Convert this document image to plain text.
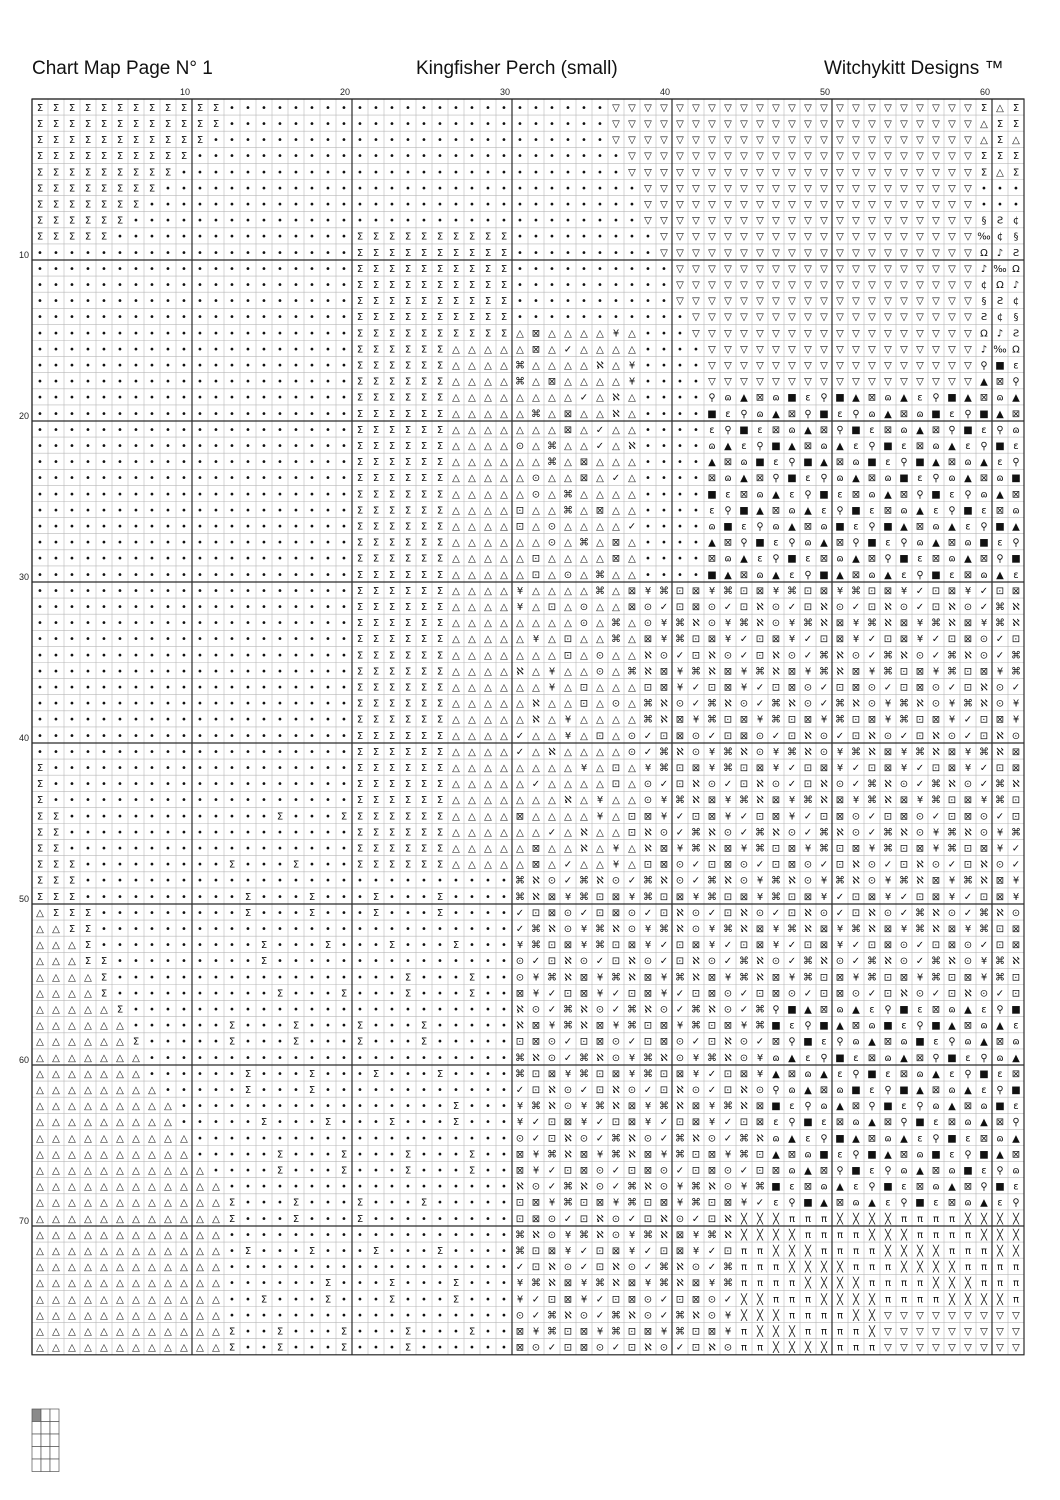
Chart Map Page N° 1	Kingfisher Perch (small)	Witchykitt Designs ™
Σ Σ Σ Σ Σ Σ Σ Σ Σ Σ Σ Σ • • • • • • • • • • • • • • • • • • • • • • • • ▽ ▽ ▽ ▽ ▽ ▽ ▽ ▽ ▽ ▽ ▽ ▽ ▽ ▽ ▽ ▽ ▽ ▽ ▽ ▽ ▽ ▽ ▽ Σ △ Σ
Σ Σ Σ Σ Σ Σ Σ Σ Σ Σ Σ Σ • • • • • • • • • • • • • • • • • • • • • • • • ▽ ▽ ▽ ▽ ▽ ▽ ▽ ▽ ▽ ▽ ▽ ▽ ▽ ▽ ▽ ▽ ▽ ▽ ▽ ▽ ▽ ▽ ▽ △ Σ Σ
Σ Σ Σ Σ Σ Σ Σ Σ Σ Σ Σ • • • • • • • • • • • • • • • • • • • • • • • • • ▽ ▽ ▽ ▽ ▽ ▽ ▽ ▽ ▽ ▽ ▽ ▽ ▽ ▽ ▽ ▽ ▽ ▽ ▽ ▽ ▽ ▽ ▽ △ Σ △
Σ Σ Σ Σ Σ Σ Σ Σ Σ Σ • • • • • • • • • • • • • • • • • • • • • • • • • • • ▽ ▽ ▽ ▽ ▽ ▽ ▽ ▽ ▽ ▽ ▽ ▽ ▽ ▽ ▽ ▽ ▽ ▽ ▽ ▽ ▽ ▽ Σ Σ Σ
Σ Σ Σ Σ Σ Σ Σ Σ Σ • • • • • • • • • • • • • • • • • • • • • • • • • • • • ▽ ▽ ▽ ▽ ▽ ▽ ▽ ▽ ▽ ▽ ▽ ▽ ▽ ▽ ▽ ▽ ▽ ▽ ▽ ▽ ▽ ▽ Σ △ Σ
Σ Σ Σ Σ Σ Σ Σ Σ • • • • • • • • • • • • • • • • • • • • • • • • • • • • • • ▽ ▽ ▽ ▽ ▽ ▽ ▽ ▽ ▽ ▽ ▽ ▽ ▽ ▽ ▽ ▽ ▽ ▽ ▽ ▽ ▽ • • •
Σ Σ Σ Σ Σ Σ Σ • • • • • • • • • • • • • • • • • • • • • • • • • • • • • • • ▽ ▽ ▽ ▽ ▽ ▽ ▽ ▽ ▽ ▽ ▽ ▽ ▽ ▽ ▽ ▽ ▽ ▽ ▽ ▽ ▽ • • •
Σ Σ Σ Σ Σ Σ • • • • • • • • • • • • • • • • • • • • • • • • • • • • • • • • ▽ ▽ ▽ ▽ ▽ ▽ ▽ ▽ ▽ ▽ ▽ ▽ ▽ ▽ ▽ ▽ ▽ ▽ ▽ ▽ ▽ § Ƨ ¢
Σ Σ Σ Σ Σ • • • • • • • • • • • • • • • Σ Σ Σ Σ Σ Σ Σ Σ Σ Σ • • • • • • • • • ▽ ▽ ▽ ▽ ▽ ▽ ▽ ▽ ▽ ▽ ▽ ▽ ▽ ▽ ▽ ▽ ▽ ▽ ▽ ▽ ‰ ¢ §
• • • • • • • • • • • • • • • • • • • • Σ Σ Σ Σ Σ Σ Σ Σ Σ Σ • • • • • • • • • ▽ ▽ ▽ ▽ ▽ ▽ ▽ ▽ ▽ ▽ ▽ ▽ ▽ ▽ ▽ ▽ ▽ ▽ ▽ ▽ Ω ♪ Ƨ
• • • • • • • • • • • • • • • • • • • • Σ Σ Σ Σ Σ Σ Σ Σ Σ Σ • • • • • • • • • • ▽ ▽ ▽ ▽ ▽ ▽ ▽ ▽ ▽ ▽ ▽ ▽ ▽ ▽ ▽ ▽ ▽ ▽ ▽ ♪ ‰ Ω
• • • • • • • • • • • • • • • • • • • • Σ Σ Σ Σ Σ Σ Σ Σ Σ Σ • • • • • • • • • • ▽ ▽ ▽ ▽ ▽ ▽ ▽ ▽ ▽ ▽ ▽ ▽ ▽ ▽ ▽ ▽ ▽ ▽ ▽ ¢ Ω ♪
• • • • • • • • • • • • • • • • • • • • Σ Σ Σ Σ Σ Σ Σ Σ Σ Σ • • • • • • • • • • ▽ ▽ ▽ ▽ ▽ ▽ ▽ ▽ ▽ ▽ ▽ ▽ ▽ ▽ ▽ ▽ ▽ ▽ ▽ § Ƨ ¢
• • • • • • • • • • • • • • • • • • • • Σ Σ Σ Σ Σ Σ Σ Σ Σ Σ • • • • • • • • • • • ▽ ▽ ▽ ▽ ▽ ▽ ▽ ▽ ▽ ▽ ▽ ▽ ▽ ▽ ▽ ▽ ▽ ▽ Ƨ ¢ §
• • • • • • • • • • • • • • • • • • • • Σ Σ Σ Σ Σ Σ Σ Σ Σ Σ △ ⊠ △ △ △ △ ¥ △ • • • ▽ ▽ ▽ ▽ ▽ ▽ ▽ ▽ ▽ ▽ ▽ ▽ ▽ ▽ ▽ ▽ ▽ ▽ Ω ♪ Ƨ
• • • • • • • • • • • • • • • • • • • • Σ Σ Σ Σ Σ Σ △ △ △ △ △ ⊠ △ ✓ △ △ △ △ • • • • ▽ ▽ ▽ ▽ ▽ ▽ ▽ ▽ ▽ ▽ ▽ ▽ ▽ ▽ ▽ ▽ ▽ ♪ ‰ Ω
• • • • • • • • • • • • • • • • • • • • Σ Σ Σ Σ Σ Σ △ △ △ △ ⌘ △ △ △ △ ℵ △ ¥ • • • • ▽ ▽ ▽ ▽ ▽ ▽ ▽ ▽ ▽ ▽ ▽ ▽ ▽ ▽ ▽ ▽ ▽ ⚲ ■ ɛ
• • • • • • • • • • • • • • • • • • • • Σ Σ Σ Σ Σ Σ △ △ △ △ ⌘ △ ⊠ △ △ △ △ ¥ • • • • ▽ ▽ ▽ ▽ ▽ ▽ ▽ ▽ ▽ ▽ ▽ ▽ ▽ ▽ ▽ ▽ ▽ ▲ ⊠ ⚲
• • • • • • • • • • • • • • • • • • • • Σ Σ Σ Σ Σ Σ △ △ △ △ △ △ △ △ ✓ △ ℵ △ • • • • ⚲ ɷ ▲ ⊠ ɷ ■ ɛ ⚲ ■ ▲ ⊠ ɷ ▲ ɛ ⚲ ■ ▲ ⊠ ɷ ▲
• • • • • • • • • • • • • • • • • • • • Σ Σ Σ Σ Σ Σ △ △ △ △ △ ⌘ △ ⊠ △ △ ℵ △ • • • • ■ ɛ ⚲ ɷ ▲ ⊠ ⚲ ■ ɛ ⚲ ɷ ▲ ⊠ ɷ ■ ɛ ⚲ ■ ▲ ⊠
• • • • • • • • • • • • • • • • • • • • Σ Σ Σ Σ Σ Σ △ △ △ △ △ △ △ ⊠ △ ✓ △ △ • • • • ɛ ⚲ ■ ɛ ⊠ ɷ ▲ ⊠ ⚲ ■ ɛ ⊠ ɷ ▲ ⊠ ⚲ ■ ɛ ⚲ ɷ
• • • • • • • • • • • • • • • • • • • • Σ Σ Σ Σ Σ Σ △ △ △ △ ⊙ △ ⌘ △ △ ✓ △ ℵ • • • • ɷ ▲ ɛ ⚲ ■ ▲ ⊠ ɷ ▲ ɛ ⚲ ■ ɛ ⊠ ɷ ▲ ɛ ⚲ ■ ɛ
• • • • • • • • • • • • • • • • • • • • Σ Σ Σ Σ Σ Σ △ △ △ △ △ △ ⌘ △ ⊠ △ △ △ • • • • ▲ ⊠ ɷ ■ ɛ ⚲ ■ ▲ ⊠ ɷ ■ ɛ ⚲ ■ ▲ ⊠ ɷ ▲ ɛ ⚲
• • • • • • • • • • • • • • • • • • • • Σ Σ Σ Σ Σ Σ △ △ △ △ △ ⊙ △ △ ⊠ △ ✓ △ • • • • ⊠ ɷ ▲ ⊠ ⚲ ■ ɛ ⚲ ɷ ▲ ⊠ ɷ ■ ɛ ⚲ ɷ ▲ ⊠ ɷ ■
• • • • • • • • • • • • • • • • • • • • Σ Σ Σ Σ Σ Σ △ △ △ △ △ ⊙ △ ⌘ △ △ △ △ • • • • ■ ɛ ⊠ ɷ ▲ ɛ ⚲ ■ ɛ ⊠ ɷ ▲ ⊠ ⚲ ■ ɛ ⚲ ɷ ▲ ⊠
• • • • • • • • • • • • • • • • • • • • Σ Σ Σ Σ Σ Σ △ △ △ △ ⊡ △ △ ⌘ △ ⊠ △ △ • • • • ɛ ⚲ ■ ▲ ⊠ ɷ ▲ ɛ ⚲ ■ ɛ ⊠ ɷ ▲ ɛ ⚲ ■ ɛ ⊠ ɷ
• • • • • • • • • • • • • • • • • • • • Σ Σ Σ Σ Σ Σ △ △ △ △ ⊡ △ ⊙ △ △ △ △ ✓ • • • • ɷ ■ ɛ ⚲ ɷ ▲ ⊠ ɷ ■ ɛ ⚲ ■ ▲ ⊠ ɷ ▲ ɛ ⚲ ■ ▲
• • • • • • • • • • • • • • • • • • • • Σ Σ Σ Σ Σ Σ △ △ △ △ △ △ ⊙ △ ⌘ △ ⊠ △ • • • • ▲ ⊠ ⚲ ■ ɛ ⚲ ɷ ▲ ⊠ ⚲ ■ ɛ ⚲ ɷ ▲ ⊠ ɷ ■ ɛ ⚲
• • • • • • • • • • • • • • • • • • • • Σ Σ Σ Σ Σ Σ △ △ △ △ △ ⊡ △ △ △ △ ⊠ △ • • • • ⊠ ɷ ▲ ɛ ⚲ ■ ɛ ⊠ ɷ ▲ ⊠ ⚲ ■ ɛ ⊠ ɷ ▲ ⊠ ⚲ ■
• • • • • • • • • • • • • • • • • • • • Σ Σ Σ Σ Σ Σ △ △ △ △ △ ⊡ △ ⊙ △ ⌘ △ △ • • • • ■ ▲ ⊠ ɷ ▲ ɛ ⚲ ■ ▲ ⊠ ɷ ▲ ɛ ⚲ ■ ɛ ⊠ ɷ ▲ ɛ
• • • • • • • • • • • • • • • • • • • • Σ Σ Σ Σ Σ Σ △ △ △ △ ¥ △ △ △ △ ⌘ △ ⊠ ¥ ⌘ ⊡ ⊠ ¥ ⌘ ⊡ ⊠ ¥ ⌘ ⊡ ⊠ ¥ ⌘ ⊡ ⊠ ¥ ✓ ⊡ ⊠ ¥ ✓ ⊡ ⊠
• • • • • • • • • • • • • • • • • • • • Σ Σ Σ Σ Σ Σ △ △ △ △ ¥ △ ⊡ △ ⊙ △ △ ⊠ ⊙ ✓ ⊡ ⊠ ⊙ ✓ ⊡ ℵ ⊙ ✓ ⊡ ℵ ⊙ ✓ ⊡ ℵ ⊙ ✓ ⊡ ℵ ⊙ ✓ ⌘ ℵ
• • • • • • • • • • • • • • • • • • • • Σ Σ Σ Σ Σ Σ △ △ △ △ △ △ △ △ ⊙ △ ⌘ △ ⊙ ¥ ⌘ ℵ ⊙ ¥ ⌘ ℵ ⊙ ¥ ⌘ ℵ ⊠ ¥ ⌘ ℵ ⊠ ¥ ⌘ ℵ ⊠ ¥ ⌘ ℵ
• • • • • • • • • • • • • • • • • • • • Σ Σ Σ Σ Σ Σ △ △ △ △ △ ¥ △ ⊡ △ △ ⌘ △ ⊠ ¥ ⌘ ⊡ ⊠ ¥ ✓ ⊡ ⊠ ¥ ✓ ⊡ ⊠ ¥ ✓ ⊡ ⊠ ¥ ✓ ⊡ ⊠ ⊙ ✓ ⊡
• • • • • • • • • • • • • • • • • • • • Σ Σ Σ Σ Σ Σ △ △ △ △ △ △ △ ⊡ △ ⊙ △ △ ℵ ⊙ ✓ ⊡ ℵ ⊙ ✓ ⊡ ℵ ⊙ ✓ ⌘ ℵ ⊙ ✓ ⌘ ℵ ⊙ ✓ ⌘ ℵ ⊙ ✓ ⌘
• • • • • • • • • • • • • • • • • • • • Σ Σ Σ Σ Σ Σ △ △ △ △ ℵ △ ¥ △ △ ⊙ △ ⌘ ℵ ⊠ ¥ ⌘ ℵ ⊠ ¥ ⌘ ℵ ⊠ ¥ ⌘ ℵ ⊠ ¥ ⌘ ⊡ ⊠ ¥ ⌘ ⊡ ⊠ ¥ ⌘
• • • • • • • • • • • • • • • • • • • • Σ Σ Σ Σ Σ Σ △ △ △ △ △ △ ¥ △ ⊡ △ △ △ ⊡ ⊠ ¥ ✓ ⊡ ⊠ ¥ ✓ ⊡ ⊠ ⊙ ✓ ⊡ ⊠ ⊙ ✓ ⊡ ⊠ ⊙ ✓ ⊡ ℵ ⊙ ✓
• • • • • • • • • • • • • • • • • • • • Σ Σ Σ Σ Σ Σ △ △ △ △ △ ℵ △ △ ⊡ △ ⊙ △ ⌘ ℵ ⊙ ✓ ⌘ ℵ ⊙ ✓ ⌘ ℵ ⊙ ✓ ⌘ ℵ ⊙ ¥ ⌘ ℵ ⊙ ¥ ⌘ ℵ ⊙ ¥
• • • • • • • • • • • • • • • • • • • • Σ Σ Σ Σ Σ Σ △ △ △ △ △ ℵ △ ¥ △ △ △ △ ⌘ ℵ ⊠ ¥ ⌘ ⊡ ⊠ ¥ ⌘ ⊡ ⊠ ¥ ⌘ ⊡ ⊠ ¥ ⌘ ⊡ ⊠ ¥ ✓ ⊡ ⊠ ¥
• • • • • • • • • • • • • • • • • • • • Σ Σ Σ Σ Σ Σ △ △ △ △ ✓ △ △ ¥ △ ⊡ △ ⊙ ✓ ⊡ ⊠ ⊙ ✓ ⊡ ⊠ ⊙ ✓ ⊡ ℵ ⊙ ✓ ⊡ ℵ ⊙ ✓ ⊡ ℵ ⊙ ✓ ⊡ ℵ ⊙
• • • • • • • • • • • • • • • • • • • • Σ Σ Σ Σ Σ Σ △ △ △ △ ✓ △ ℵ △ △ △ △ ⊙ ✓ ⌘ ℵ ⊙ ¥ ⌘ ℵ ⊙ ¥ ⌘ ℵ ⊙ ¥ ⌘ ℵ ⊠ ¥ ⌘ ℵ ⊠ ¥ ⌘ ℵ ⊠
Σ • • • • • • • • • • • • • • • • • • • Σ Σ Σ Σ Σ Σ △ △ △ △ △ △ △ △ ¥ △ ⊡ △ ¥ ⌘ ⊡ ⊠ ¥ ⌘ ⊡ ⊠ ¥ ✓ ⊡ ⊠ ¥ ✓ ⊡ ⊠ ¥ ✓ ⊡ ⊠ ¥ ✓ ⊡ ⊠
Σ • • • • • • • • • • • • • • • • • • • Σ Σ Σ Σ Σ Σ △ △ △ △ △ ✓ △ △ △ △ ⊡ △ ⊙ ✓ ⊡ ℵ ⊙ ✓ ⊡ ℵ ⊙ ✓ ⊡ ℵ ⊙ ✓ ⌘ ℵ ⊙ ✓ ⌘ ℵ ⊙ ✓ ⌘ ℵ
Σ • • • • • • • • • • • • • • • • • • • Σ Σ Σ Σ Σ Σ △ △ △ △ △ △ △ ℵ △ ¥ △ △ ⊙ ¥ ⌘ ℵ ⊠ ¥ ⌘ ℵ ⊠ ¥ ⌘ ℵ ⊠ ¥ ⌘ ℵ ⊠ ¥ ⌘ ⊡ ⊠ ¥ ⌘ ⊡
Σ Σ • • • • • • • • • • • • • Σ • • • Σ Σ Σ Σ Σ Σ Σ △ △ △ △ ⊠ △ △ △ △ ¥ △ ⊡ ⊠ ¥ ✓ ⊡ ⊠ ¥ ✓ ⊡ ⊠ ¥ ✓ ⊡ ⊠ ⊙ ✓ ⊡ ⊠ ⊙ ✓ ⊡ ⊠ ⊙ ✓ ⊡
Σ Σ • • • • • • • • • • • • • • • • • • Σ Σ Σ Σ Σ Σ △ △ △ △ △ △ ✓ △ ℵ △ △ ⊡ ℵ ⊙ ✓ ⌘ ℵ ⊙ ✓ ⌘ ℵ ⊙ ✓ ⌘ ℵ ⊙ ✓ ⌘ ℵ ⊙ ¥ ⌘ ℵ ⊙ ¥ ⌘
Σ Σ • • • • • • • • • • • • • • • • • • Σ Σ Σ Σ Σ Σ △ △ △ △ △ ⊠ △ △ ℵ △ ¥ △ ℵ ⊠ ¥ ⌘ ℵ ⊠ ¥ ⌘ ⊡ ⊠ ¥ ⌘ ⊡ ⊠ ¥ ⌘ ⊡ ⊠ ¥ ⌘ ⊡ ⊠ ¥ ✓
Σ Σ Σ • • • • • • • • • Σ • • • Σ • • • Σ Σ Σ Σ Σ Σ △ △ △ △ △ ⊠ △ ✓ △ △ ¥ △ ⊡ ⊠ ⊙ ✓ ⊡ ⊠ ⊙ ✓ ⊡ ⊠ ⊙ ✓ ⊡ ℵ ⊙ ✓ ⊡ ℵ ⊙ ✓ ⊡ ℵ ⊙ ✓
Σ Σ Σ • • • • • • • • • • • • • • • • • • • • • • • • • • • ⌘ ℵ ⊙ ✓ ⌘ ℵ ⊙ ✓ ⌘ ℵ ⊙ ✓ ⌘ ℵ ⊙ ¥ ⌘ ℵ ⊙ ¥ ⌘ ℵ ⊙ ¥ ⌘ ℵ ⊠ ¥ ⌘ ℵ ⊠ ¥
Σ Σ Σ • • • • • • • • • • Σ • • • Σ • • • Σ • • • Σ • • • • ⌘ ℵ ⊠ ¥ ⌘ ⊡ ⊠ ¥ ⌘ ⊡ ⊠ ¥ ⌘ ⊡ ⊠ ¥ ⌘ ⊡ ⊠ ¥ ✓ ⊡ ⊠ ¥ ✓ ⊡ ⊠ ¥ ✓ ⊡ ⊠ ¥
△ Σ Σ Σ • • • • • • • • • Σ • • • Σ • • • Σ • • • Σ • • • • ✓ ⊡ ⊠ ⊙ ✓ ⊡ ⊠ ⊙ ✓ ⊡ ℵ ⊙ ✓ ⊡ ℵ ⊙ ✓ ⊡ ℵ ⊙ ✓ ⊡ ℵ ⊙ ✓ ⌘ ℵ ⊙ ✓ ⌘ ℵ ⊙
△ △ Σ Σ • • • • • • • • • • • • • • • • • • • • • • • • • • ✓ ⌘ ℵ ⊙ ¥ ⌘ ℵ ⊙ ¥ ⌘ ℵ ⊙ ¥ ⌘ ℵ ⊠ ¥ ⌘ ℵ ⊠ ¥ ⌘ ℵ ⊠ ¥ ⌘ ℵ ⊠ ¥ ⌘ ⊡ ⊠
△ △ △ Σ • • • • • • • • • • Σ • • • Σ • • • Σ • • • Σ • • • ¥ ⌘ ⊡ ⊠ ¥ ⌘ ⊡ ⊠ ¥ ✓ ⊡ ⊠ ¥ ✓ ⊡ ⊠ ¥ ✓ ⊡ ⊠ ¥ ✓ ⊡ ⊠ ⊙ ✓ ⊡ ⊠ ⊙ ✓ ⊡ ⊠
△ △ △ Σ Σ • • • • • • • • • Σ • • • • • • • • • • • • • • • ⊙ ✓ ⊡ ℵ ⊙ ✓ ⊡ ℵ ⊙ ✓ ⊡ ℵ ⊙ ✓ ⌘ ℵ ⊙ ✓ ⌘ ℵ ⊙ ✓ ⌘ ℵ ⊙ ✓ ⌘ ℵ ⊙ ¥ ⌘ ℵ
△ △ △ △ Σ • • • • • • • • • • • • • • • • • • Σ • • • Σ • • ⊙ ¥ ⌘ ℵ ⊠ ¥ ⌘ ℵ ⊠ ¥ ⌘ ℵ ⊠ ¥ ⌘ ℵ ⊠ ¥ ⌘ ⊡ ⊠ ¥ ⌘ ⊡ ⊠ ¥ ⌘ ⊡ ⊠ ¥ ⌘ ⊡
△ △ △ △ Σ • • • • • • • • • • Σ • • • Σ • • • Σ • • • Σ • • ⊠ ¥ ✓ ⊡ ⊠ ¥ ✓ ⊡ ⊠ ¥ ✓ ⊡ ⊠ ⊙ ✓ ⊡ ⊠ ⊙ ✓ ⊡ ⊠ ⊙ ✓ ⊡ ℵ ⊙ ✓ ⊡ ℵ ⊙ ✓ ⊡
△ △ △ △ △ Σ • • • • • • • • • • • • • • • • • • • • • • • • ℵ ⊙ ✓ ⌘ ℵ ⊙ ✓ ⌘ ℵ ⊙ ✓ ⌘ ℵ ⊙ ✓ ⌘ ⚲ ■ ▲ ⊠ ɷ ▲ ɛ ⚲ ■ ɛ ⊠ ɷ ▲ ɛ ⚲ ■
△ △ △ △ △ △ • • • • • • Σ • • • Σ • • • Σ • • • Σ • • • • • ℵ ⊠ ¥ ⌘ ℵ ⊠ ¥ ⌘ ⊡ ⊠ ¥ ⌘ ⊡ ⊠ ¥ ⌘ ■ ɛ ⚲ ■ ▲ ⊠ ɷ ■ ɛ ⚲ ■ ▲ ⊠ ɷ ▲ ɛ
△ △ △ △ △ △ Σ • • • • • Σ • • • Σ • • • Σ • • • Σ • • • • • ⊡ ⊠ ⊙ ✓ ⊡ ⊠ ⊙ ✓ ⊡ ⊠ ⊙ ✓ ⊡ ℵ ⊙ ✓ ⊠ ⚲ ■ ɛ ⚲ ɷ ▲ ⊠ ɷ ■ ɛ ⚲ ɷ ▲ ⊠ ɷ
△ △ △ △ △ △ △ • • • • • • • • • • • • • • • • • • • • • • • ⌘ ℵ ⊙ ✓ ⌘ ℵ ⊙ ¥ ⌘ ℵ ⊙ ¥ ⌘ ℵ ⊙ ¥ ɷ ▲ ɛ ⚲ ■ ɛ ⊠ ɷ ▲ ⊠ ⚲ ■ ɛ ⚲ ɷ ▲
△ △ △ △ △ △ △ • • • • • • Σ • • • Σ • • • Σ • • • Σ • • • • ⌘ ⊡ ⊠ ¥ ⌘ ⊡ ⊠ ¥ ⌘ ⊡ ⊠ ¥ ✓ ⊡ ⊠ ¥ ▲ ⊠ ɷ ▲ ɛ ⚲ ■ ɛ ⊠ ɷ ▲ ɛ ⚲ ■ ɛ ⊠
△ △ △ △ △ △ △ △ • • • • • Σ • • • Σ • • • • • • • • • • • • ✓ ⊡ ℵ ⊙ ✓ ⊡ ℵ ⊙ ✓ ⊡ ℵ ⊙ ✓ ⊡ ℵ ⊙ ⚲ ɷ ▲ ⊠ ɷ ■ ɛ ⚲ ■ ▲ ⊠ ɷ ▲ ɛ ⚲ ■
△ △ △ △ △ △ △ △ △ • • • • • • • • • • • • • • • • • Σ • • • ¥ ⌘ ℵ ⊙ ¥ ⌘ ℵ ⊠ ¥ ⌘ ℵ ⊠ ¥ ⌘ ℵ ⊠ ■ ɛ ⚲ ɷ ▲ ⊠ ⚲ ■ ɛ ⚲ ɷ ▲ ⊠ ɷ ■ ɛ
△ △ △ △ △ △ △ △ △ • • • • • Σ • • • Σ • • • Σ • • • Σ • • • ¥ ✓ ⊡ ⊠ ¥ ✓ ⊡ ⊠ ¥ ✓ ⊡ ⊠ ¥ ✓ ⊡ ⊠ ɛ ⚲ ■ ɛ ⊠ ɷ ▲ ⊠ ⚲ ■ ɛ ⊠ ɷ ▲ ⊠ ⚲
△ △ △ △ △ △ △ △ △ △ • • • • • • • • • • • • • • • • • • • • ⊙ ✓ ⊡ ℵ ⊙ ✓ ⌘ ℵ ⊙ ✓ ⌘ ℵ ⊙ ✓ ⌘ ℵ ɷ ▲ ɛ ⚲ ■ ▲ ⊠ ɷ ▲ ɛ ⚲ ■ ɛ ⊠ ɷ ▲
△ △ △ △ △ △ △ △ △ △ • • • • • Σ • • • Σ • • • Σ • • • Σ • • ⊠ ¥ ⌘ ℵ ⊠ ¥ ⌘ ℵ ⊠ ¥ ⌘ ⊡ ⊠ ¥ ⌘ ⊡ ▲ ⊠ ɷ ■ ɛ ⚲ ■ ▲ ⊠ ɷ ■ ɛ ⚲ ■ ▲ ⊠
△ △ △ △ △ △ △ △ △ △ △ • • • • Σ • • • Σ • • • Σ • • • Σ • • ⊠ ¥ ✓ ⊡ ⊠ ⊙ ✓ ⊡ ⊠ ⊙ ✓ ⊡ ⊠ ⊙ ✓ ⊡ ⊠ ɷ ▲ ⊠ ⚲ ■ ɛ ⚲ ɷ ▲ ⊠ ɷ ■ ɛ ⚲ ɷ
△ △ △ △ △ △ △ △ △ △ △ △ • • • • • • • • • • • • • • • • • • ℵ ⊙ ✓ ⌘ ℵ ⊙ ✓ ⌘ ℵ ⊙ ¥ ⌘ ℵ ⊙ ¥ ⌘ ■ ɛ ⊠ ɷ ▲ ɛ ⚲ ■ ɛ ⊠ ɷ ▲ ⊠ ⚲ ■ ɛ
△ △ △ △ △ △ △ △ △ △ △ △ Σ • • • Σ • • • Σ • • • Σ • • • • • ⊡ ⊠ ¥ ⌘ ⊡ ⊠ ¥ ⌘ ⊡ ⊠ ¥ ⌘ ⊡ ⊠ ¥ ✓ ɛ ⚲ ■ ▲ ⊠ ɷ ▲ ɛ ⚲ ■ ɛ ⊠ ɷ ▲ ɛ ⚲
△ △ △ △ △ △ △ △ △ △ △ △ Σ • • • Σ • • • Σ • • • • • • • • • ⊡ ⊠ ⊙ ✓ ⊡ ℵ ⊙ ✓ ⊡ ℵ ⊙ ✓ ⊡ ℵ ╳ ╳ ╳ π π π ╳ ╳ ╳ ╳ π π π π ╳ ╳ ╳ ╳
△ △ △ △ △ △ △ △ △ △ △ △ • • • • • • • • • • • • • • • • • • ⌘ ℵ ⊙ ¥ ⌘ ℵ ⊙ ¥ ⌘ ℵ ⊠ ¥ ⌘ ℵ ╳ ╳ ╳ ╳ π π π π ╳ ╳ ╳ π π π π ╳ ╳ ╳
△ △ △ △ △ △ △ △ △ △ △ △ • Σ • • • Σ • • • Σ • • • Σ • • • • ⌘ ⊡ ⊠ ¥ ✓ ⊡ ⊠ ¥ ✓ ⊡ ⊠ ¥ ✓ ⊡ π π ╳ ╳ ╳ π π π π ╳ ╳ ╳ ╳ π π π ╳ ╳
△ △ △ △ △ △ △ △ △ △ △ △ • • • • • • • • • • • • • • • • • • ✓ ⊡ ℵ ⊙ ✓ ⊡ ℵ ⊙ ✓ ⌘ ℵ ⊙ ✓ ⌘ π π π ╳ ╳ ╳ ╳ π π π ╳ ╳ ╳ ╳ π π π π
△ △ △ △ △ △ △ △ △ △ △ △ • • • • • • Σ • • • Σ • • • Σ • • • ¥ ⌘ ℵ ⊠ ¥ ⌘ ℵ ⊠ ¥ ⌘ ℵ ⊠ ¥ ⌘ π π π π ╳ ╳ ╳ ╳ π π π π ╳ ╳ ╳ π π π
△ △ △ △ △ △ △ △ △ △ △ △ • • Σ • • • Σ • • • Σ • • • Σ • • • ¥ ✓ ⊡ ⊠ ¥ ✓ ⊡ ⊠ ⊙ ✓ ⊡ ⊠ ⊙ ✓ ╳ ╳ π π π ╳ ╳ ╳ ╳ π π π π ╳ ╳ ╳ ╳ π
△ △ △ △ △ △ △ △ △ △ △ △ • • • • • • • • • • • • • • • • • • ⊙ ✓ ⌘ ℵ ⊙ ✓ ⌘ ℵ ⊙ ✓ ⌘ ℵ ⊙ ¥ ╳ ╳ ╳ π π π π ╳ ╳ ▽ ▽ ▽ ▽ ▽ ▽ ▽ ▽ ▽
△ △ △ △ △ △ △ △ △ △ △ △ Σ • • Σ • • • Σ • • • Σ • • • Σ • • ⊠ ¥ ⌘ ⊡ ⊠ ¥ ⌘ ⊡ ⊠ ¥ ⌘ ⊡ ⊠ ¥ π ╳ ╳ ╳ π π π π ╳ ▽ ▽ ▽ ▽ ▽ ▽ ▽ ▽ ▽
△ △ △ △ △ △ △ △ △ △ △ △ Σ • • Σ • • • Σ • • • Σ • • • • • • ⊠ ⊙ ✓ ⊡ ⊠ ⊙ ✓ ⊡ ℵ ⊙ ✓ ⊡ ℵ ⊙ π π ╳ ╳ ╳ ╳ π π π ▽ ▽ ▽ ▽ ▽ ▽ ▽ ▽ ▽
10	20	30	40	50	60
10
20
30
40
50
60
70
